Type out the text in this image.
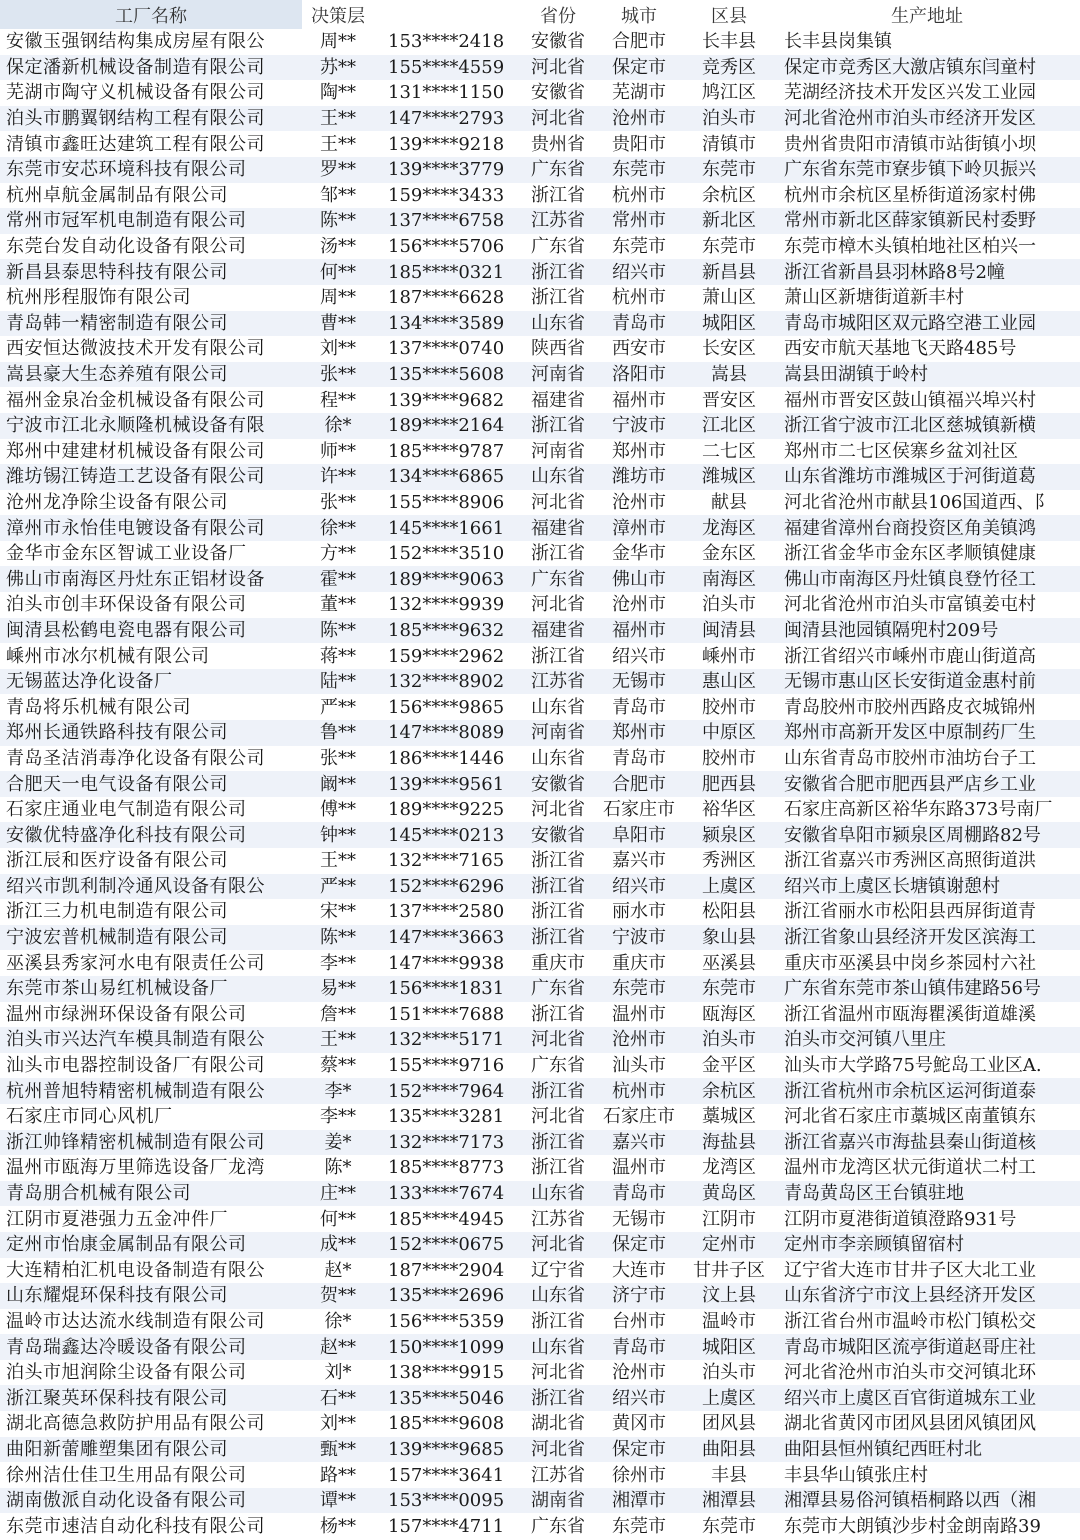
工厂名称	决策层		省份	城市	区县	生产地址
安徽玉强钢结构集成房屋有限公	周**	153****2418	安徽省	合肥市	长丰县	长丰县岗集镇
保定潘新机械设备制造有限公司	苏**	155****4559	河北省	保定市	竞秀区	保定市竞秀区大激店镇东闫童村
芜湖市陶守义机械设备有限公司	陶**	131****1150	安徽省	芜湖市	鸠江区	芜湖经济技术开发区兴发工业园
泊头市鹏翼钢结构工程有限公司	王**	147****2793	河北省	沧州市	泊头市	河北省沧州市泊头市经济开发区
清镇市鑫旺达建筑工程有限公司	王**	139****9218	贵州省	贵阳市	清镇市	贵州省贵阳市清镇市站街镇小坝
东莞市安芯环境科技有限公司	罗**	139****3779	广东省	东莞市	东莞市	广东省东莞市寮步镇下岭贝振兴
杭州卓航金属制品有限公司	邹**	159****3433	浙江省	杭州市	余杭区	杭州市余杭区星桥街道汤家村佛
常州市冠军机电制造有限公司	陈**	137****6758	江苏省	常州市	新北区	常州市新北区薛家镇新民村委野
东莞台发自动化设备有限公司	汤**	156****5706	广东省	东莞市	东莞市	东莞市樟木头镇柏地社区柏兴一
新昌县泰思特科技有限公司	何**	185****0321	浙江省	绍兴市	新昌县	浙江省新昌县羽林路8号2幢
杭州彤程服饰有限公司	周**	187****6628	浙江省	杭州市	萧山区	萧山区新塘街道新丰村
青岛韩一精密制造有限公司	曹**	134****3589	山东省	青岛市	城阳区	青岛市城阳区双元路空港工业园
西安恒达微波技术开发有限公司	刘**	137****0740	陕西省	西安市	长安区	西安市航天基地飞天路485号
嵩县豪大生态养殖有限公司	张**	135****5608	河南省	洛阳市	嵩县	嵩县田湖镇于岭村
福州金泉冶金机械设备有限公司	程**	139****9682	福建省	福州市	晋安区	福州市晋安区鼓山镇福兴埠兴村
宁波市江北永顺隆机械设备有限	徐*	189****2164	浙江省	宁波市	江北区	浙江省宁波市江北区慈城镇新横
郑州中建建材机械设备有限公司	师**	185****9787	河南省	郑州市	二七区	郑州市二七区侯寨乡盆刘社区
潍坊锡江铸造工艺设备有限公司	许**	134****6865	山东省	潍坊市	潍城区	山东省潍坊市潍城区于河街道葛
沧州龙净除尘设备有限公司	张**	155****8906	河北省	沧州市	献县	河北省沧州市献县106国道西、阝
漳州市永怡佳电镀设备有限公司	徐**	145****1661	福建省	漳州市	龙海区	福建省漳州台商投资区角美镇鸿
金华市金东区智诚工业设备厂	方**	152****3510	浙江省	金华市	金东区	浙江省金华市金东区孝顺镇健康
佛山市南海区丹灶东正铝材设备	霍**	189****9063	广东省	佛山市	南海区	佛山市南海区丹灶镇良登竹径工
泊头市创丰环保设备有限公司	董**	132****9939	河北省	沧州市	泊头市	河北省沧州市泊头市富镇姜屯村
闽清县松鹤电瓷电器有限公司	陈**	185****9632	福建省	福州市	闽清县	闽清县池园镇隔兜村209号
嵊州市冰尔机械有限公司	蒋**	159****2962	浙江省	绍兴市	嵊州市	浙江省绍兴市嵊州市鹿山街道高
无锡蓝达净化设备厂	陆**	132****8902	江苏省	无锡市	惠山区	无锡市惠山区长安街道金惠村前
青岛将乐机械有限公司	严**	156****9865	山东省	青岛市	胶州市	青岛胶州市胶州西路皮衣城锦州
郑州长通铁路科技有限公司	鲁**	147****8089	河南省	郑州市	中原区	郑州市高新开发区中原制药厂生
青岛圣洁消毒净化设备有限公司	张**	186****1446	山东省	青岛市	胶州市	山东省青岛市胶州市油坊台子工
合肥天一电气设备有限公司	阚**	139****9561	安徽省	合肥市	肥西县	安徽省合肥市肥西县严店乡工业
石家庄通业电气制造有限公司	傅**	189****9225	河北省	石家庄市	裕华区	石家庄高新区裕华东路373号南厂
安徽优特盛净化科技有限公司	钟**	145****0213	安徽省	阜阳市	颍泉区	安徽省阜阳市颍泉区周棚路82号
浙江辰和医疗设备有限公司	王**	132****7165	浙江省	嘉兴市	秀洲区	浙江省嘉兴市秀洲区高照街道洪
绍兴市凯利制冷通风设备有限公	严**	152****6296	浙江省	绍兴市	上虞区	绍兴市上虞区长塘镇谢憩村
浙江三力机电制造有限公司	宋**	137****2580	浙江省	丽水市	松阳县	浙江省丽水市松阳县西屏街道青
宁波宏普机械制造有限公司	陈**	147****3663	浙江省	宁波市	象山县	浙江省象山县经济开发区滨海工
巫溪县秀家河水电有限责任公司	李**	147****9938	重庆市	重庆市	巫溪县	重庆市巫溪县中岗乡茶园村六社
东莞市茶山易红机械设备厂	易**	156****1831	广东省	东莞市	东莞市	广东省东莞市茶山镇伟建路56号
温州市绿洲环保设备有限公司	詹**	151****7688	浙江省	温州市	瓯海区	浙江省温州市瓯海瞿溪街道雄溪
泊头市兴达汽车模具制造有限公	王**	132****5171	河北省	沧州市	泊头市	泊头市交河镇八里庄
汕头市电器控制设备厂有限公司	蔡**	155****9716	广东省	汕头市	金平区	汕头市大学路75号鮀岛工业区A.
杭州普旭特精密机械制造有限公	李*	152****7964	浙江省	杭州市	余杭区	浙江省杭州市余杭区运河街道泰
石家庄市同心风机厂	李**	135****3281	河北省	石家庄市	藁城区	河北省石家庄市藁城区南董镇东
浙江帅锋精密机械制造有限公司	姜*	132****7173	浙江省	嘉兴市	海盐县	浙江省嘉兴市海盐县秦山街道核
温州市瓯海万里筛选设备厂龙湾	陈*	185****8773	浙江省	温州市	龙湾区	温州市龙湾区状元街道状二村工
青岛朋合机械有限公司	庄**	133****7674	山东省	青岛市	黄岛区	青岛黄岛区王台镇驻地
江阴市夏港强力五金冲件厂	何**	185****4945	江苏省	无锡市	江阴市	江阴市夏港街道镇澄路931号
定州市怡康金属制品有限公司	成**	152****0675	河北省	保定市	定州市	定州市李亲顾镇留宿村
大连精柏汇机电设备制造有限公	赵*	187****2904	辽宁省	大连市	甘井子区	辽宁省大连市甘井子区大北工业
山东耀焜环保科技有限公司	贺**	135****2696	山东省	济宁市	汶上县	山东省济宁市汶上县经济开发区
温岭市达达流水线制造有限公司	徐*	156****5359	浙江省	台州市	温岭市	浙江省台州市温岭市松门镇松交
青岛瑞鑫达冷暖设备有限公司	赵**	150****1099	山东省	青岛市	城阳区	青岛市城阳区流亭街道赵哥庄社
泊头市旭润除尘设备有限公司	刘*	138****9915	河北省	沧州市	泊头市	河北省沧州市泊头市交河镇北环
浙江聚英环保科技有限公司	石**	135****5046	浙江省	绍兴市	上虞区	绍兴市上虞区百官街道城东工业
湖北高德急救防护用品有限公司	刘**	185****9608	湖北省	黄冈市	团风县	湖北省黄冈市团风县团风镇团风
曲阳新蕾雕塑集团有限公司	甄**	139****9685	河北省	保定市	曲阳县	曲阳县恒州镇纪西旺村北
徐州洁仕佳卫生用品有限公司	路**	157****3641	江苏省	徐州市	丰县	丰县华山镇张庄村
湖南傲派自动化设备有限公司	谭**	153****0095	湖南省	湘潭市	湘潭县	湘潭县易俗河镇梧桐路以西（湘
东莞市速洁自动化科技有限公司	杨**	157****4711	广东省	东莞市	东莞市	东莞市大朗镇沙步村金朗南路39
